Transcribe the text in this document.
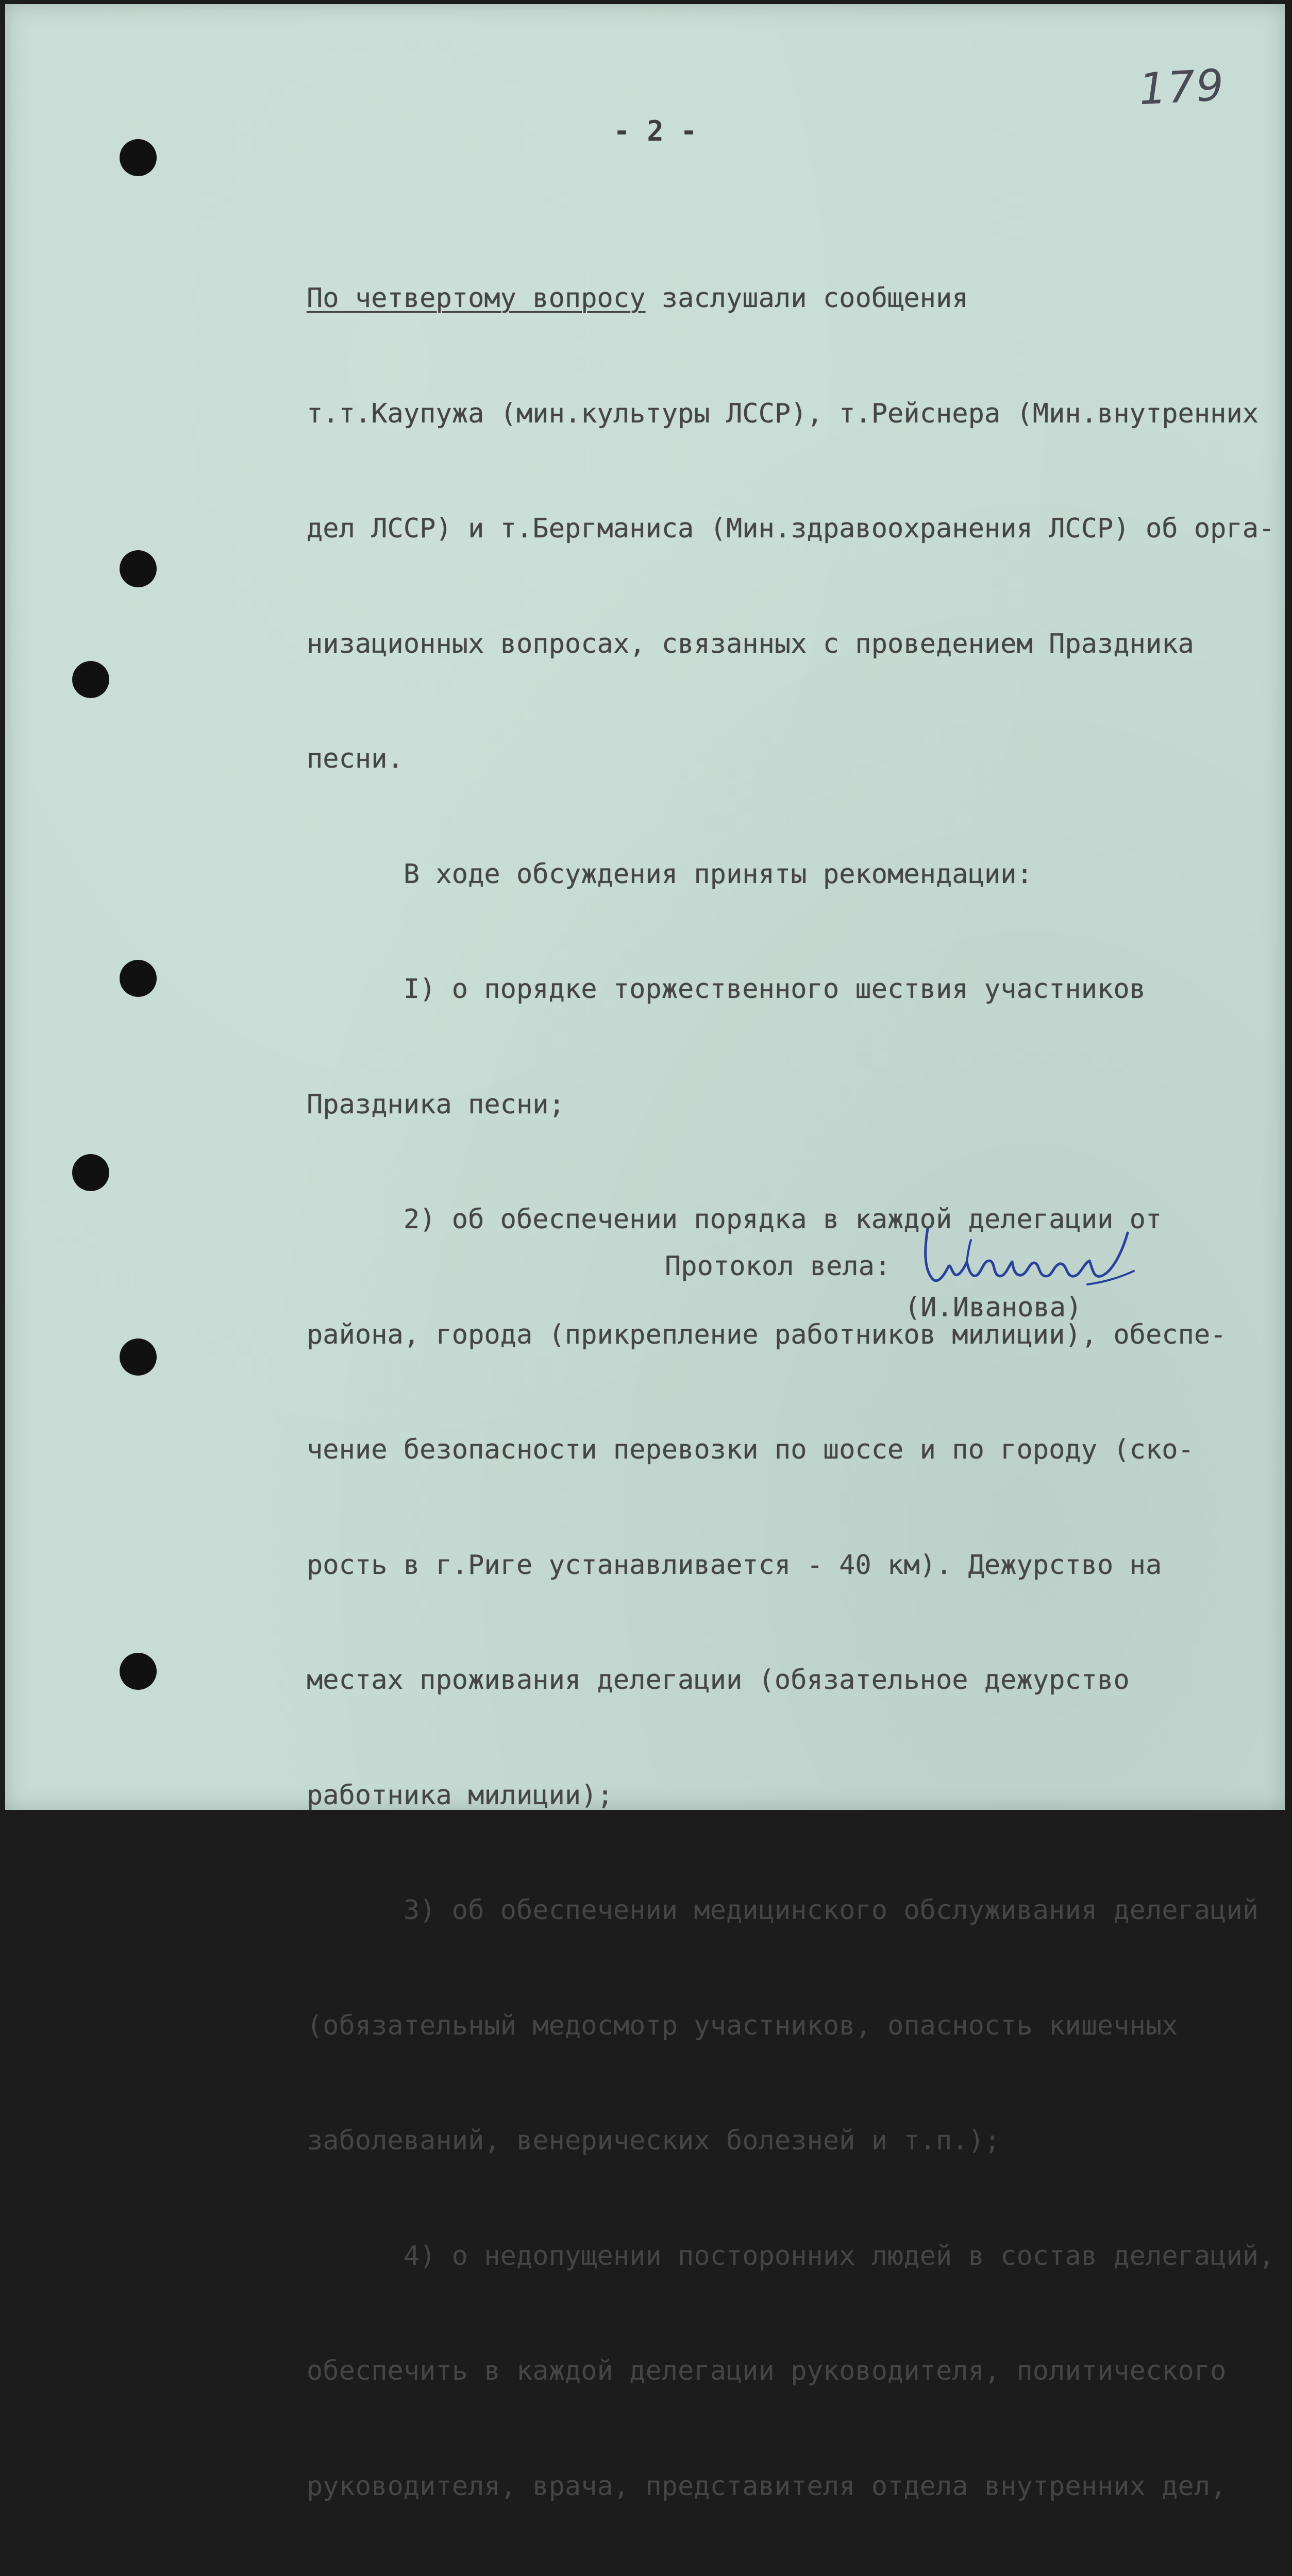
179
- 2 -

По четвертому вопросу заслушали сообщения

т.т.Каупужа (мин.культуры ЛССР), т.Рейснера (Мин.внутренних

дел ЛССР) и т.Бергманиса (Мин.здравоохранения ЛССР) об орга-

низационных вопросах, связанных с проведением Праздника

песни.

В ходе обсуждения приняты рекомендации:

I) о порядке торжественного шествия участников

Праздника песни;

2) об обеспечении порядка в каждой делегации от

района, города (прикрепление работников милиции), обеспе-

чение безопасности перевозки по шоссе и по городу (ско-

рость в г.Риге устанавливается - 40 км). Дежурство на

местах проживания делегации (обязательное дежурство

работника милиции);

3) об обеспечении медицинского обслуживания делегаций

(обязательный медосмотр участников, опасность кишечных

заболеваний, венерических болезней и т.п.);

4) о недопущении посторонних людей в состав делегаций,

обеспечить в каждой делегации руководителя, политического

руководителя, врача, представителя отдела внутренних дел,

Протокол вела:
(И.Иванова)
